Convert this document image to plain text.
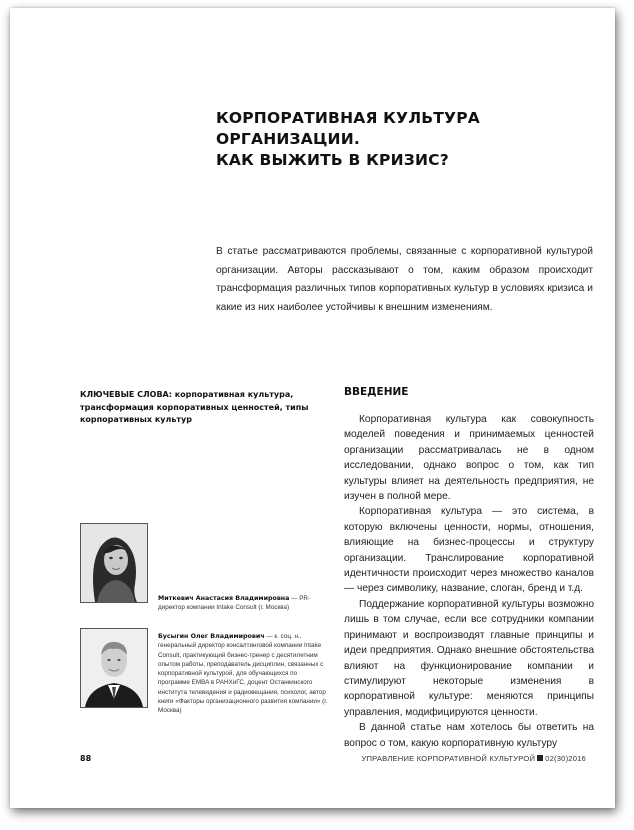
КОРПОРАТИВНАЯ КУЛЬТУРА ОРГАНИЗАЦИИ.
КАК ВЫЖИТЬ В КРИЗИС?
В статье рассматриваются проблемы, связанные с корпоративной культурой организации. Авторы рассказывают о том, каким образом происходит трансформация различных типов корпоративных культур в условиях кризиса и какие из них наиболее устойчивы к внешним изменениям.
КЛЮЧЕВЫЕ СЛОВА: корпоративная культура, трансформация корпоративных ценностей, типы корпоративных культур
ВВЕДЕНИЕ

Корпоративная культура как совокупность моделей поведения и принимаемых ценностей организации рассматривалась не в одном исследовании, однако вопрос о том, как тип культуры влияет на деятельность предприятия, не изучен в полной мере.

Корпоративная культура — это система, в которую включены ценности, нормы, отношения, влияющие на бизнес-процессы и структуру организации. Транслирование корпоративной идентичности происходит через множество каналов — через символику, название, слоган, бренд и т.д.

Поддержание корпоративной культуры возможно лишь в том случае, если все сотрудники компании принимают и воспроизводят главные принципы и идеи предприятия. Однако внешние обстоятельства влияют на функционирование компании и стимулируют некоторые изменения в корпоративной культуре: меняются принципы управления, модифицируются ценности.

В данной статье нам хотелось бы ответить на вопрос о том, какую корпоративную культуру

Миткевич Анастасия Владимировна — PR-директор компании Intake Consult (г. Москва)
Бусыгин Олег Владимирович — к. соц. н., генеральный директор консалтинговой компании Intake Consult, практикующий бизнес-тренер с десятилетним опытом работы, преподаватель дисциплин, связанных с корпоративной культурой, для обучающихся по программе EMBA в РАНХиГС, доцент Останкинского института телевидения и радиовещания, психолог, автор книги «Факторы организационного развития компании» (г. Москва)
88	УПРАВЛЕНИЕ КОРПОРАТИВНОЙ КУЛЬТУРОЙ 02(30)2016
